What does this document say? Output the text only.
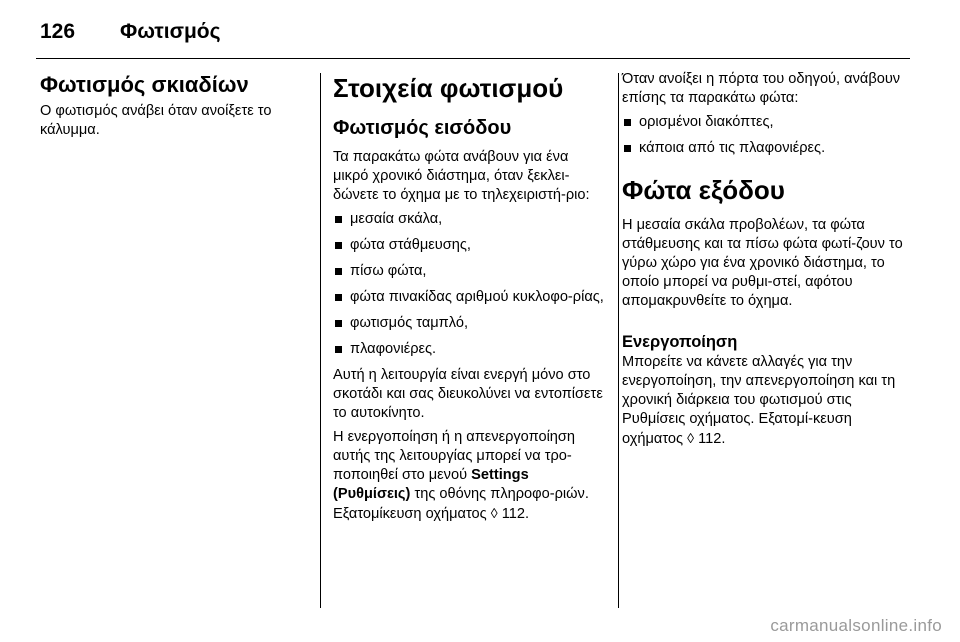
126	Φωτισμός
Φωτισμός σκιαδίων

Ο φωτισμός ανάβει όταν ανοίξετε το κάλυμμα.

Στοιχεία φωτισμού
Φωτισμός εισόδου

Τα παρακάτω φώτα ανάβουν για ένα μικρό χρονικό διάστημα, όταν ξεκλει-δώνετε το όχημα με το τηλεχειριστή-ριο:

μεσαία σκάλα,
φώτα στάθμευσης,
πίσω φώτα,
φώτα πινακίδας αριθμού κυκλοφο-ρίας,
φωτισμός ταμπλό,
πλαφονιέρες.

Αυτή η λειτουργία είναι ενεργή μόνο στο σκοτάδι και σας διευκολύνει να εντοπίσετε το αυτοκίνητο.

Η ενεργοποίηση ή η απενεργοποίηση αυτής της λειτουργίας μπορεί να τρο-ποποιηθεί στο μενού Settings (Ρυθμίσεις) της οθόνης πληροφο-ριών. Εξατομίκευση οχήματος ◊ 112.

Όταν ανοίξει η πόρτα του οδηγού, ανάβουν επίσης τα παρακάτω φώτα:

ορισμένοι διακόπτες,
κάποια από τις πλαφονιέρες.
Φώτα εξόδου

Η μεσαία σκάλα προβολέων, τα φώτα στάθμευσης και τα πίσω φώτα φωτί-ζουν το γύρω χώρο για ένα χρονικό διάστημα, το οποίο μπορεί να ρυθμι-στεί, αφότου απομακρυνθείτε το όχημα.

Ενεργοποίηση

Μπορείτε να κάνετε αλλαγές για την ενεργοποίηση, την απενεργοποίηση και τη χρονική διάρκεια του φωτισμού στις Ρυθμίσεις οχήματος. Εξατομί-κευση οχήματος ◊ 112.

carmanualsonline.info
